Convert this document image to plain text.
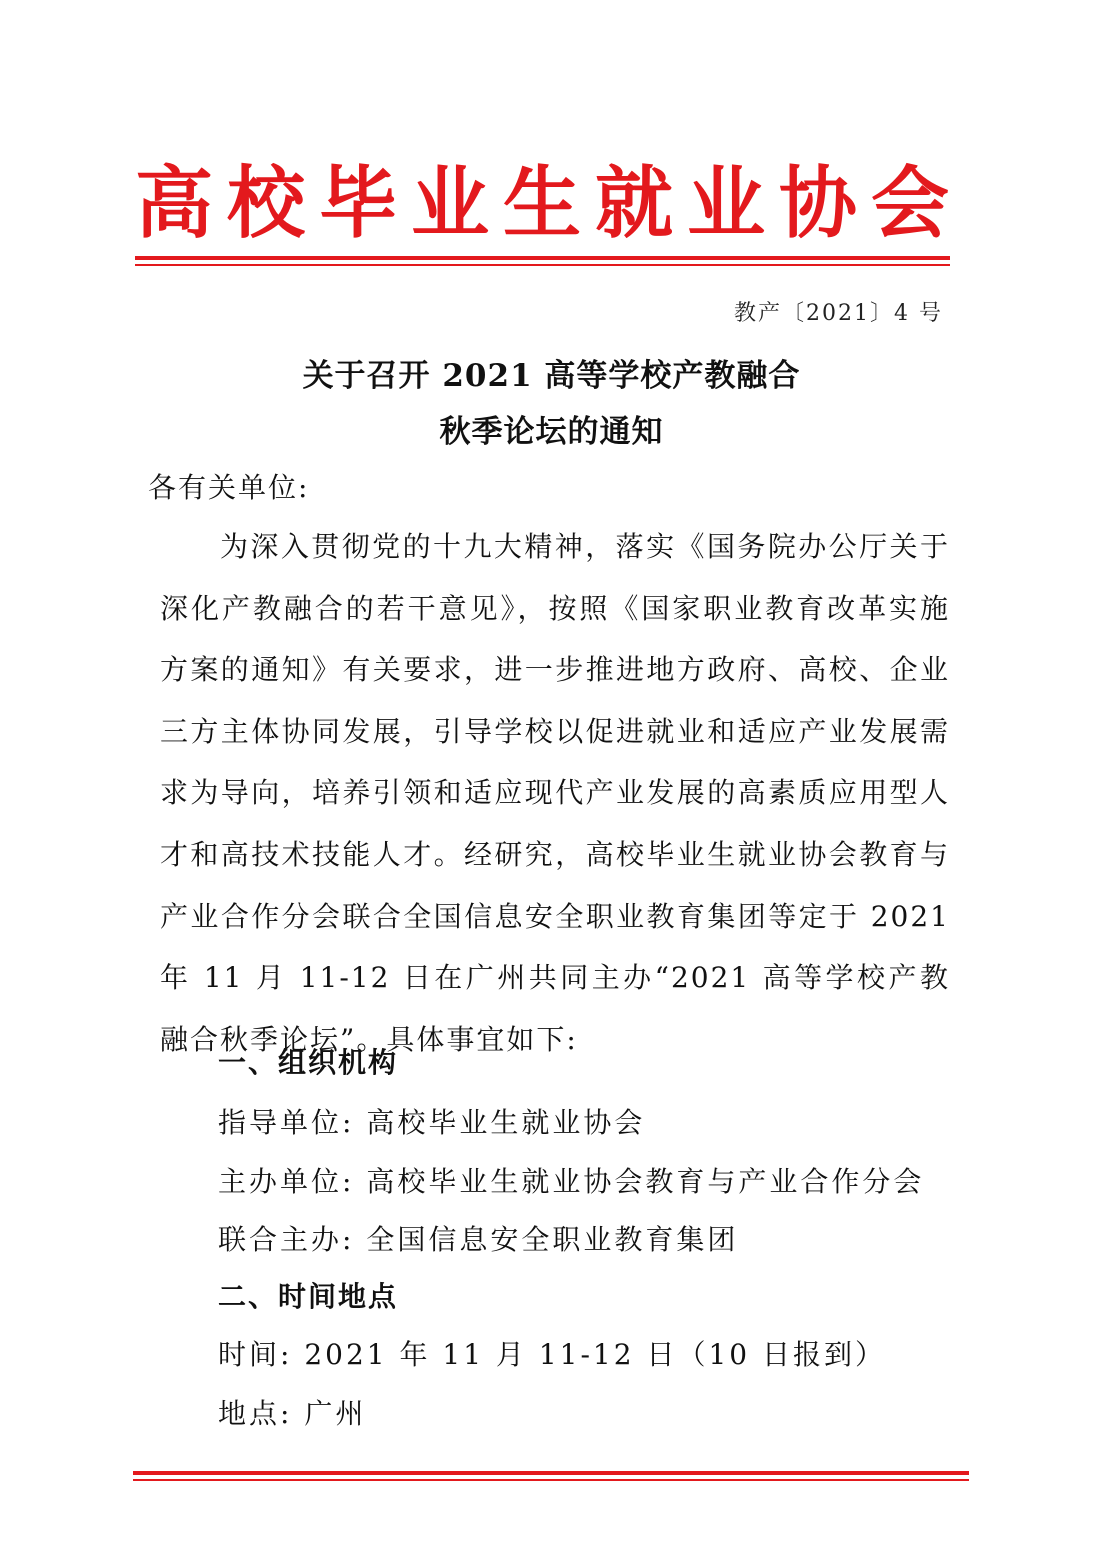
高校毕业生就业协会
教产〔2021〕4 号
关于召开 2021 高等学校产教融合
秋季论坛的通知
各有关单位:
为深入贯彻党的十九大精神，落实《国务院办公厅关于深化产教融合的若干意见》，按照《国家职业教育改革实施方案的通知》有关要求，进一步推进地方政府、高校、企业三方主体协同发展，引导学校以促进就业和适应产业发展需求为导向，培养引领和适应现代产业发展的高素质应用型人才和高技术技能人才。经研究，高校毕业生就业协会教育与产业合作分会联合全国信息安全职业教育集团等定于 2021 年 11 月 11-12 日在广州共同主办“2021 高等学校产教融合秋季论坛”。具体事宜如下:
一、组织机构
指导单位: 高校毕业生就业协会
主办单位: 高校毕业生就业协会教育与产业合作分会
联合主办: 全国信息安全职业教育集团
二、时间地点
时间: 2021 年 11 月 11-12 日（10 日报到）
地点: 广州
